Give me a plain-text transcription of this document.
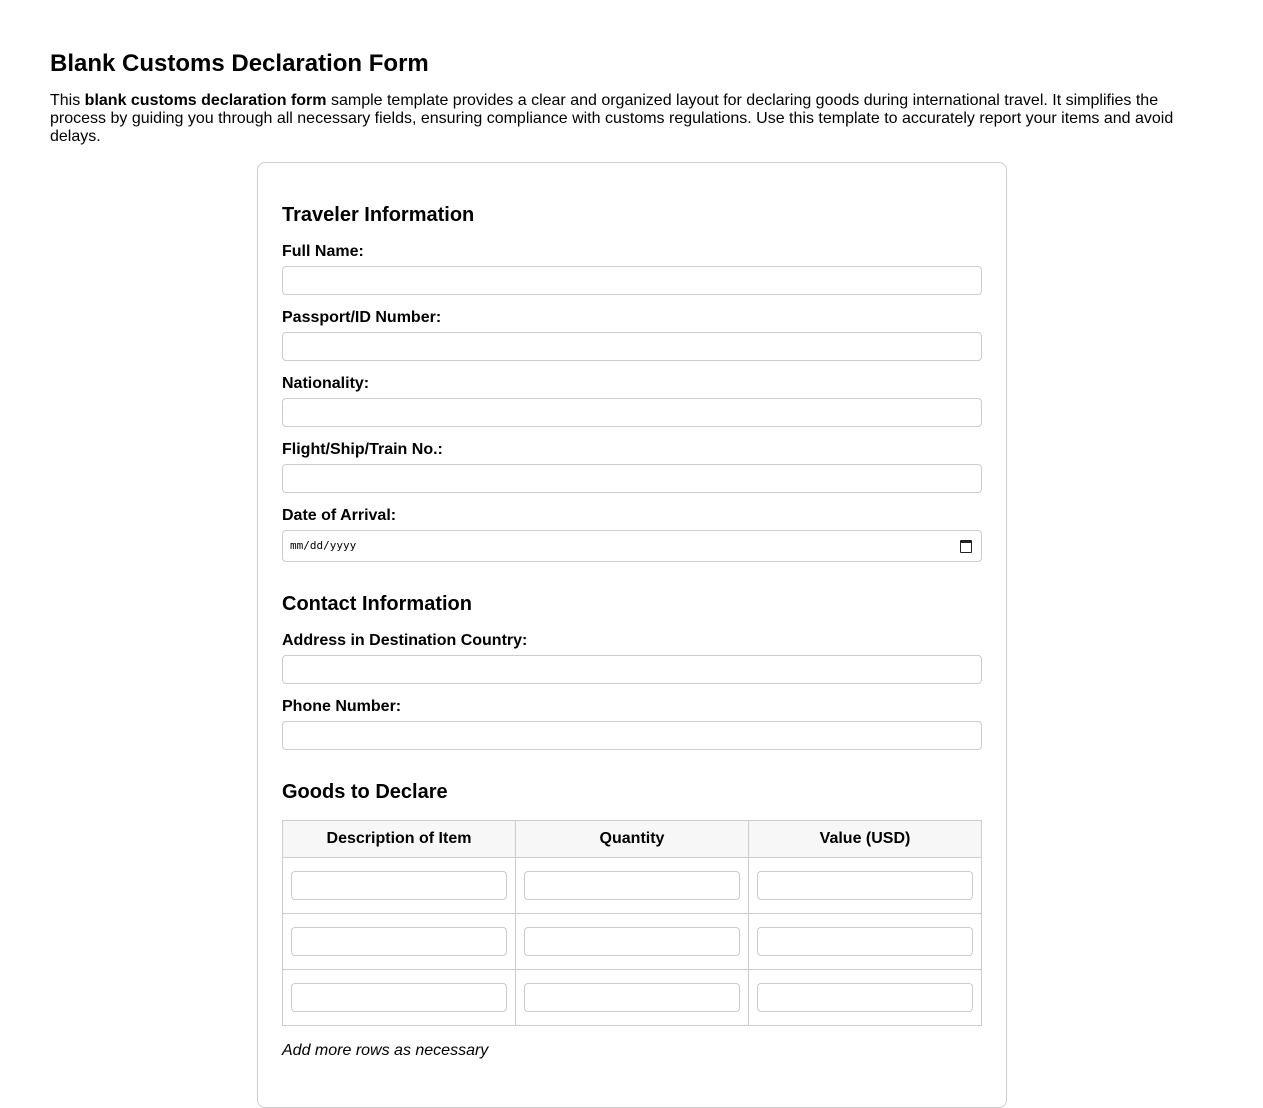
Blank Customs Declaration Form

This blank customs declaration form sample template provides a clear and organized layout for declaring goods during international travel. It simplifies the process by guiding you through all necessary fields, ensuring compliance with customs regulations. Use this template to accurately report your items and avoid delays.

Traveler Information
Full Name:
Passport/ID Number:
Nationality:
Flight/Ship/Train No.:
Date of Arrival:
mm/dd/yyyy
Contact Information
Address in Destination Country:
Phone Number:
Goods to Declare
Description of Item	Quantity	Value (USD)

Add more rows as necessary
